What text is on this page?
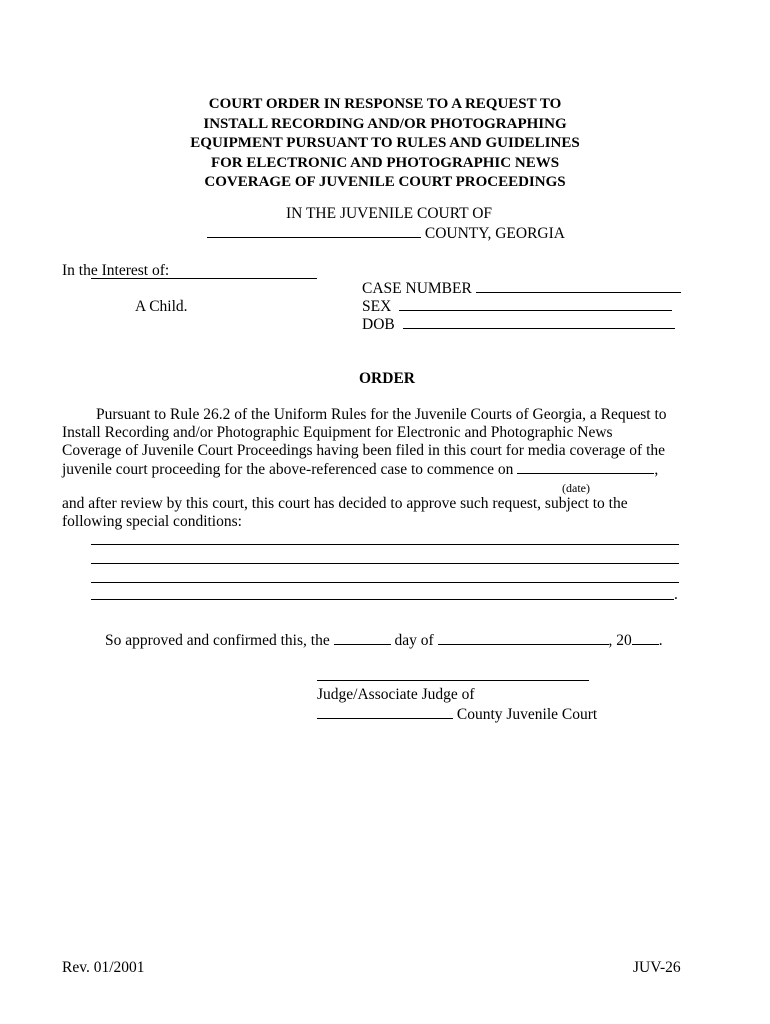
COURT ORDER IN RESPONSE TO A REQUEST TO
INSTALL RECORDING AND/OR PHOTOGRAPHING
EQUIPMENT PURSUANT TO RULES AND GUIDELINES
FOR ELECTRONIC AND PHOTOGRAPHIC NEWS
COVERAGE OF JUVENILE COURT PROCEEDINGS
IN THE JUVENILE COURT OF
COUNTY, GEORGIA
In the Interest of:
A Child.
CASE NUMBER
SEX
DOB
ORDER
Pursuant to Rule 26.2 of the Uniform Rules for the Juvenile Courts of Georgia, a Request to
Install Recording and/or Photographic Equipment for Electronic and Photographic News
Coverage of Juvenile Court Proceedings having been filed in this court for media coverage of the
juvenile court proceeding for the above-referenced case to commence on	,
(date)
and after review by this court, this court has decided to approve such request, subject to the
following special conditions:
.
So approved and confirmed this, the	day of	, 20 .
Judge/Associate Judge of
County Juvenile Court
Rev. 01/2001	JUV-26
